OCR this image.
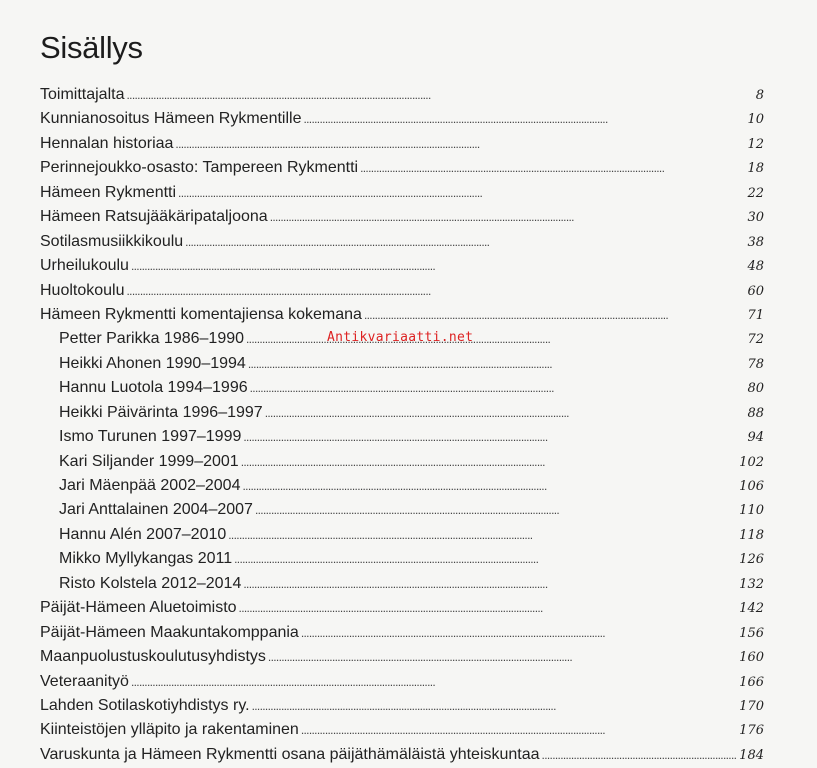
Sisällys
Toimittajalta . . .	8
Kunnianosoitus Hämeen Rykmentille . . .	10
Hennalan historiaa . . .	12
Perinnejoukko-osasto: Tampereen Rykmentti . . .	18
Hämeen Rykmentti . . .	22
Hämeen Ratsujääkäripataljoona . . .	30
Sotilasmusiikkikoulu . . .	38
Urheilukoulu . . .	48
Huoltokoulu . . .	60
Hämeen Rykmentti komentajiensa kokemana . . .	71
Petter Parikka 1986–1990 . . .	72
Heikki Ahonen 1990–1994 . . .	78
Hannu Luotola 1994–1996 . . .	80
Heikki Päivärinta 1996–1997 . . .	88
Ismo Turunen 1997–1999 . . .	94
Kari Siljander 1999–2001 . . .	102
Jari Mäenpää 2002–2004 . . .	106
Jari Anttalainen 2004–2007 . . .	110
Hannu Alén 2007–2010 . . .	118
Mikko Myllykangas 2011 . . .	126
Risto Kolstela 2012–2014 . . .	132
Päijät-Hämeen Aluetoimisto . . .	142
Päijät-Hämeen Maakuntakomppania . . .	156
Maanpuolustuskoulutusyhdistys . . .	160
Veteraanityö . . .	166
Lahden Sotilaskotiyhdistys ry. . . .	170
Kiinteistöjen ylläpito ja rakentaminen . . .	176
Varuskunta ja Hämeen Rykmentti osana päijäthämäläistä yhteiskuntaa . . .	184
Antikvariaatti.net
